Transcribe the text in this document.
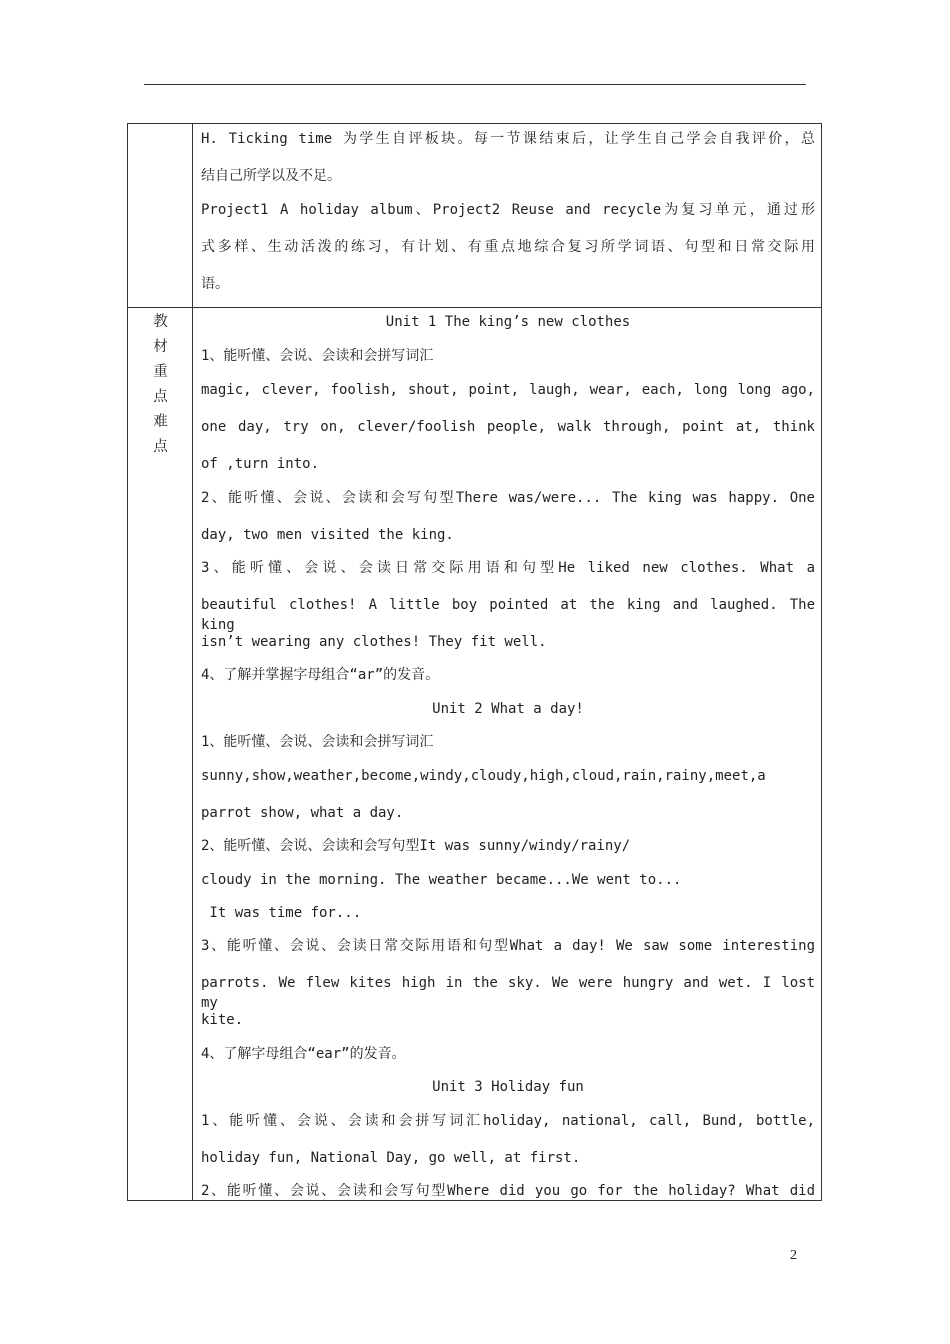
H. Ticking time 为学生自评板块。每一节课结束后，让学生自己学会自我评价，总
结自己所学以及不足。
Project1 A holiday album、Project2 Reuse and recycle为复习单元，通过形
式多样、生动活泼的练习，有计划、有重点地综合复习所学词语、句型和日常交际用
语。
教
材
重
点
难
点
Unit 1 The king’s new clothes
1、能听懂、会说、会读和会拼写词汇
magic, clever, foolish, shout, point, laugh, wear, each, long long ago,
one day, try on, clever/foolish people, walk through, point at, think
of ,turn into.
2、能听懂、会说、会读和会写句型There was/were... The king was happy. One
day, two men visited the king.
3、能听懂、会说、会读日常交际用语和句型He liked new clothes. What a
beautiful clothes! A little boy pointed at the king and laughed. The king
isn’t wearing any clothes! They fit well.
4、了解并掌握字母组合“ar”的发音。
Unit 2 What a day!
1、能听懂、会说、会读和会拼写词汇
sunny,show,weather,become,windy,cloudy,high,cloud,rain,rainy,meet,a
parrot show, what a day.
2、能听懂、会说、会读和会写句型It was sunny/windy/rainy/
cloudy in the morning. The weather became...We went to...
It was time for...
3、能听懂、会说、会读日常交际用语和句型What a day! We saw some interesting
parrots. We flew kites high in the sky. We were hungry and wet. I lost my
kite.
4、了解字母组合“ear”的发音。
Unit 3 Holiday fun
1、能听懂、会说、会读和会拼写词汇holiday, national, call, Bund, bottle,
holiday fun, National Day, go well, at first.
2、能听懂、会说、会读和会写句型Where did you go for the holiday? What did
2
